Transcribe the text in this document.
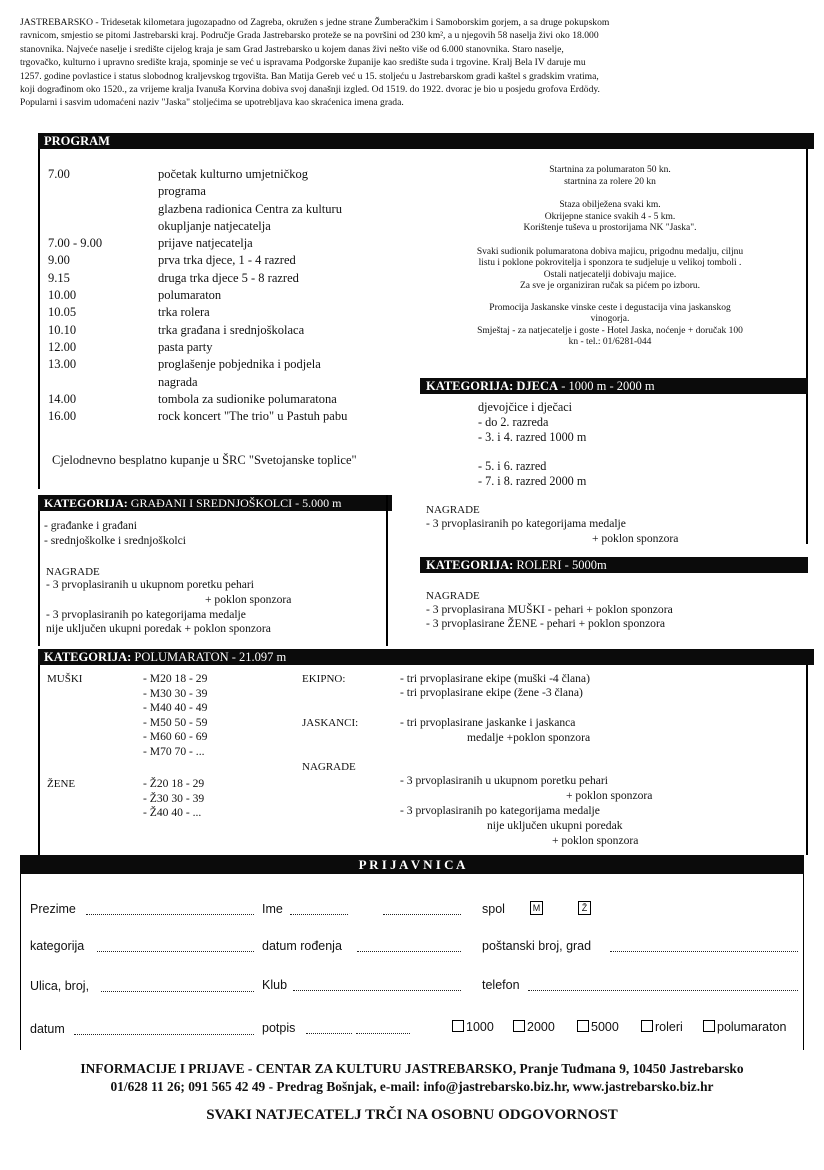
JASTREBARSKO - Tridesetak kilometara jugozapadno od Zagreba, okružen s jedne strane Žumberačkim i Samoborskim gorjem, a sa druge pokupskom
ravnicom, smjestio se pitomi Jastrebarski kraj. Područje Grada Jastrebarsko proteže se na površini od 230 km², a u njegovih 58 naselja živi oko 18.000
stanovnika. Najveće naselje i središte cijelog kraja je sam Grad Jastrebarsko u kojem danas živi nešto više od 6.000 stanovnika. Staro naselje,
trgovačko, kulturno i upravno središte kraja, spominje se već u ispravama Podgorske županije kao središte suda i trgovine. Kralj Bela IV daruje mu
1257. godine povlastice i status slobodnog kraljevskog trgovišta. Ban Matija Gereb već u 15. stoljeću u Jastrebarskom gradi kaštel s gradskim vratima,
koji dograđinom oko 1520., za vrijeme kralja Ivanuša Korvina dobiva svoj današnji izgled. Od 1519. do 1922. dvorac je bio u posjedu grofova Erdödy.
Popularni i sasvim udomaćeni naziv "Jaska" stoljećima se upotrebljava kao skraćenica imena grada.
PROGRAM
7.00	početak kulturno umjetničkog
programa
glazbena radionica Centra za kulturu
okupljanje natjecatelja
7.00 - 9.00	prijave natjecatelja
9.00	prva trka djece, 1 - 4 razred
9.15	druga trka djece 5 - 8 razred
10.00	polumaraton
10.05	trka rolera
10.10	trka građana i srednjoškolaca
12.00	pasta party
13.00	proglašenje pobjednika i podjela
nagrada
14.00	tombola za sudionike polumaratona
16.00	rock koncert "The trio" u Pastuh pabu
Cjelodnevno besplatno kupanje u ŠRC "Svetojanske toplice"
Startnina za polumaraton 50 kn.
startnina za rolere 20 kn
Staza obilježena svaki km.
Okrijepne stanice svakih 4 - 5 km.
Korištenje tuševa u prostorijama NK "Jaska".
Svaki sudionik polumaratona dobiva majicu, prigodnu medalju, ciljnu
listu i poklone pokrovitelja i sponzora te sudjeluje u velikoj tomboli .
Ostali natjecatelji dobivaju majice.
Za sve je organiziran ručak sa pićem po izboru.
Promocija Jaskanske vinske ceste i degustacija vina jaskanskog
vinogorja.
Smještaj - za natjecatelje i goste - Hotel Jaska, noćenje + doručak 100
kn - tel.: 01/6281-044
KATEGORIJA: DJECA - 1000 m - 2000 m
djevojčice i dječaci
- do 2. razreda
- 3. i 4. razred 1000 m
- 5. i 6. razred
- 7. i 8. razred 2000 m
NAGRADE
- 3 prvoplasiranih po kategorijama medalje
+ poklon sponzora
KATEGORIJA: GRAĐANI I SREDNJOŠKOLCI - 5.000 m
- građanke i građani
- srednjoškolke i srednjoškolci
NAGRADE
- 3 prvoplasiranih u ukupnom poretku pehari
+ poklon sponzora
- 3 prvoplasiranih po kategorijama medalje
nije uključen ukupni poredak + poklon sponzora
KATEGORIJA: ROLERI - 5000m
NAGRADE
- 3 prvoplasirana MUŠKI - pehari + poklon sponzora
- 3 prvoplasirane ŽENE - pehari + poklon sponzora
KATEGORIJA: POLUMARATON - 21.097 m
MUŠKI	- M20 18 - 29
- M30 30 - 39
- M40 40 - 49
- M50 50 - 59
- M60 60 - 69
- M70 70 - ...
ŽENE	- Ž20 18 - 29
- Ž30 30 - 39
- Ž40 40 - ...
EKIPNO:	- tri prvoplasirane ekipe (muški -4 člana)
- tri prvoplasirane ekipe (žene -3 člana)
JASKANCI:	- tri prvoplasirane jaskanke i jaskanca
medalje +poklon sponzora
NAGRADE
- 3 prvoplasiranih u ukupnom poretku pehari
+ poklon sponzora
- 3 prvoplasiranih po kategorijama medalje
nije uključen ukupni poredak
+ poklon sponzora
P R I J A V N I C A
Prezime	Ime	spol	M	Ž
kategorija	datum rođenja	poštanski broj, grad
Ulica, broj,	Klub	telefon
datum	potpis	1000	2000	5000	roleri	polumaraton
INFORMACIJE I PRIJAVE - CENTAR ZA KULTURU JASTREBARSKO, Pranje Tuđmana 9, 10450 Jastrebarsko
01/628 11 26; 091 565 42 49 - Predrag Bošnjak, e-mail: info@jastrebarsko.biz.hr, www.jastrebarsko.biz.hr
SVAKI NATJECATELJ TRČI NA OSOBNU ODGOVORNOST
